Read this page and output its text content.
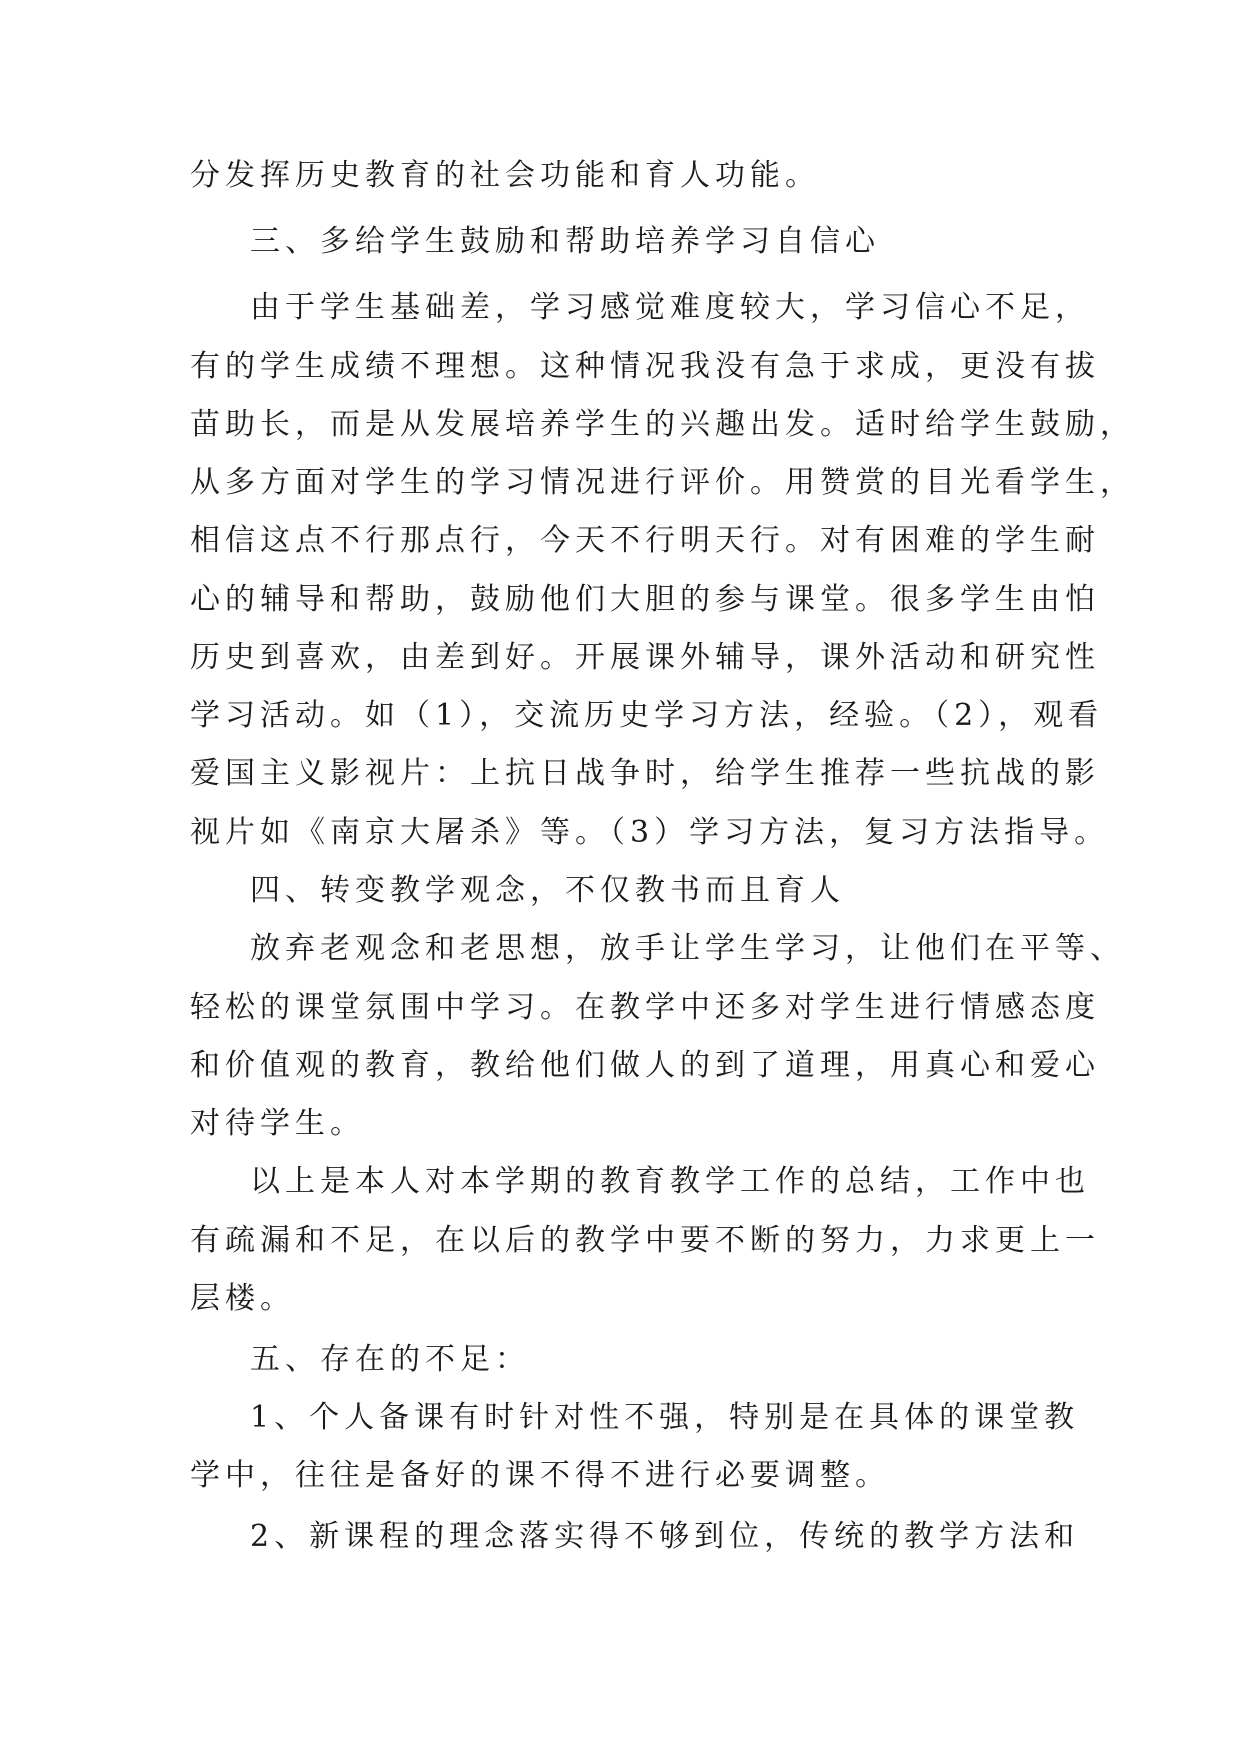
分发挥历史教育的社会功能和育人功能。
三、多给学生鼓励和帮助培养学习自信心
由于学生基础差，学习感觉难度较大，学习信心不足，
有的学生成绩不理想。这种情况我没有急于求成，更没有拔
苗助长，而是从发展培养学生的兴趣出发。适时给学生鼓励，
从多方面对学生的学习情况进行评价。用赞赏的目光看学生，
相信这点不行那点行，今天不行明天行。对有困难的学生耐
心的辅导和帮助，鼓励他们大胆的参与课堂。很多学生由怕
历史到喜欢，由差到好。开展课外辅导，课外活动和研究性
学习活动。如（1），交流历史学习方法，经验。（2），观看
爱国主义影视片：上抗日战争时，给学生推荐一些抗战的影
视片如《南京大屠杀》等。（3）学习方法，复习方法指导。
四、转变教学观念，不仅教书而且育人
放弃老观念和老思想，放手让学生学习，让他们在平等、
轻松的课堂氛围中学习。在教学中还多对学生进行情感态度
和价值观的教育，教给他们做人的到了道理，用真心和爱心
对待学生。
以上是本人对本学期的教育教学工作的总结，工作中也
有疏漏和不足，在以后的教学中要不断的努力，力求更上一
层楼。
五、存在的不足：
1、个人备课有时针对性不强，特别是在具体的课堂教
学中，往往是备好的课不得不进行必要调整。
2、新课程的理念落实得不够到位，传统的教学方法和
